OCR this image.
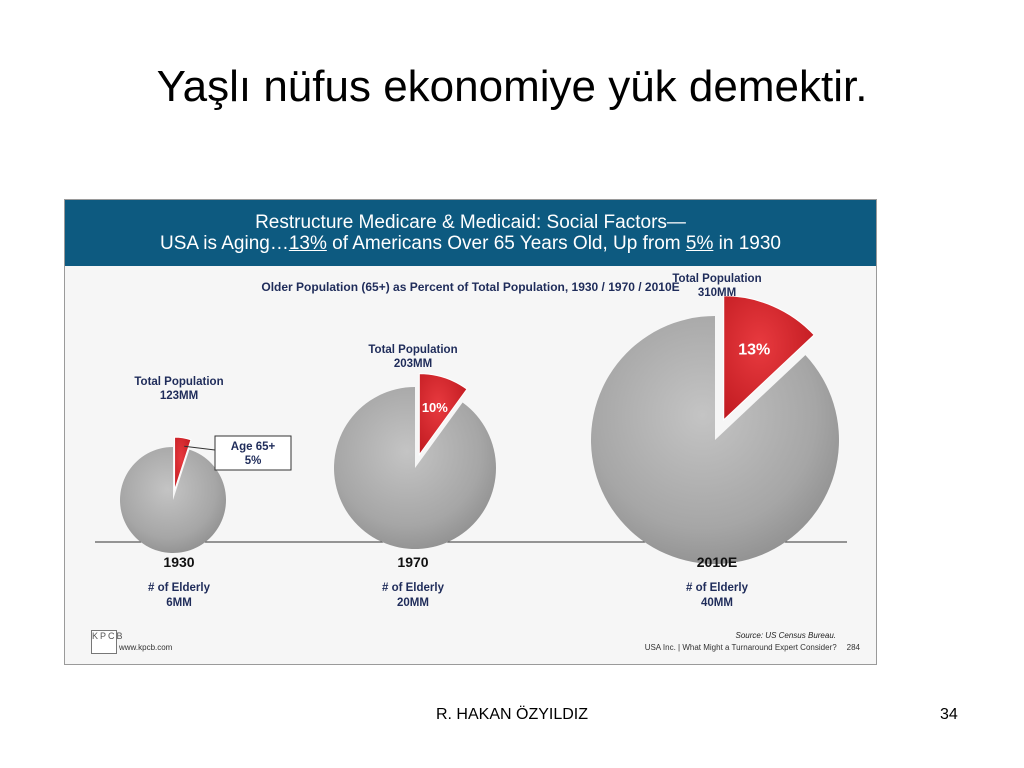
Yaşlı nüfus ekonomiye yük demektir.
Restructure Medicare & Medicaid: Social Factors—
USA is Aging…13% of Americans Over 65 Years Old, Up from 5% in 1930
Older Population (65+) as Percent of Total Population, 1930 / 1970 / 2010E
Total Population
123MM
1930
# of Elderly
6MM
Age 65+
5%
10%
Total Population
203MM
1970
# of Elderly
20MM
13%
Total Population
310MM
2010E
# of Elderly
40MM
KPCB
www.kpcb.com
Source: US Census Bureau.
USA Inc. | What Might a Turnaround Expert Consider? 284
R. HAKAN ÖZYILDIZ	34
